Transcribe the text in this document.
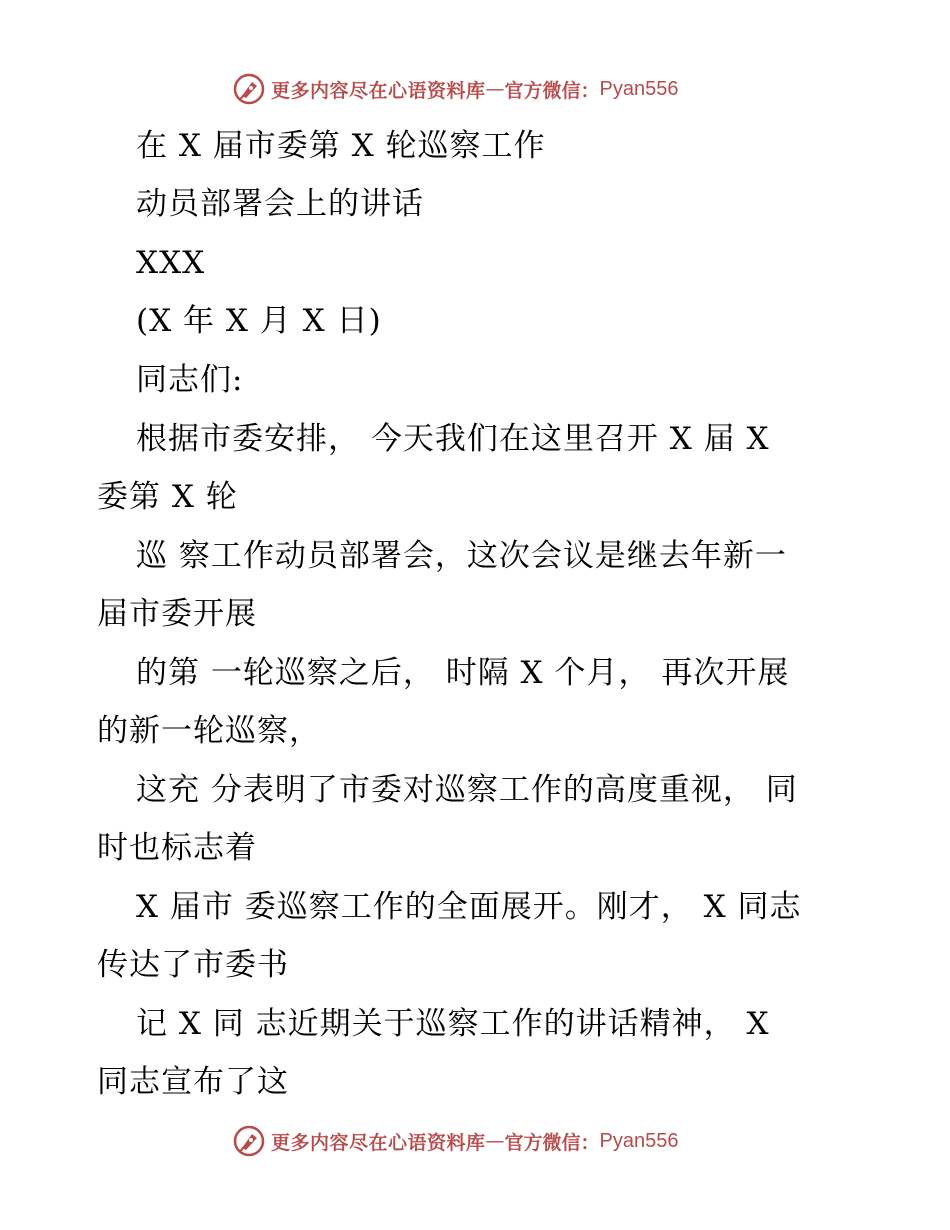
更多内容尽在心语资料库 — 官方微信： Pyan556
在 X 届市委第 X 轮巡察工作
动员部署会上的讲话
XXX
(X 年 X 月 X 日)
同志们:
根据市委安排， 今天我们在这里召开 X 届 X
委第 X 轮
巡 察工作动员部署会，这次会议是继去年新一
届市委开展
的第 一轮巡察之后， 时隔 X 个月， 再次开展
的新一轮巡察，
这充 分表明了市委对巡察工作的高度重视， 同
时也标志着
X 届市 委巡察工作的全面展开。刚才， X 同志
传达了市委书
记 X 同 志近期关于巡察工作的讲话精神， X
同志宣布了这
更多内容尽在心语资料库 — 官方微信： Pyan556
